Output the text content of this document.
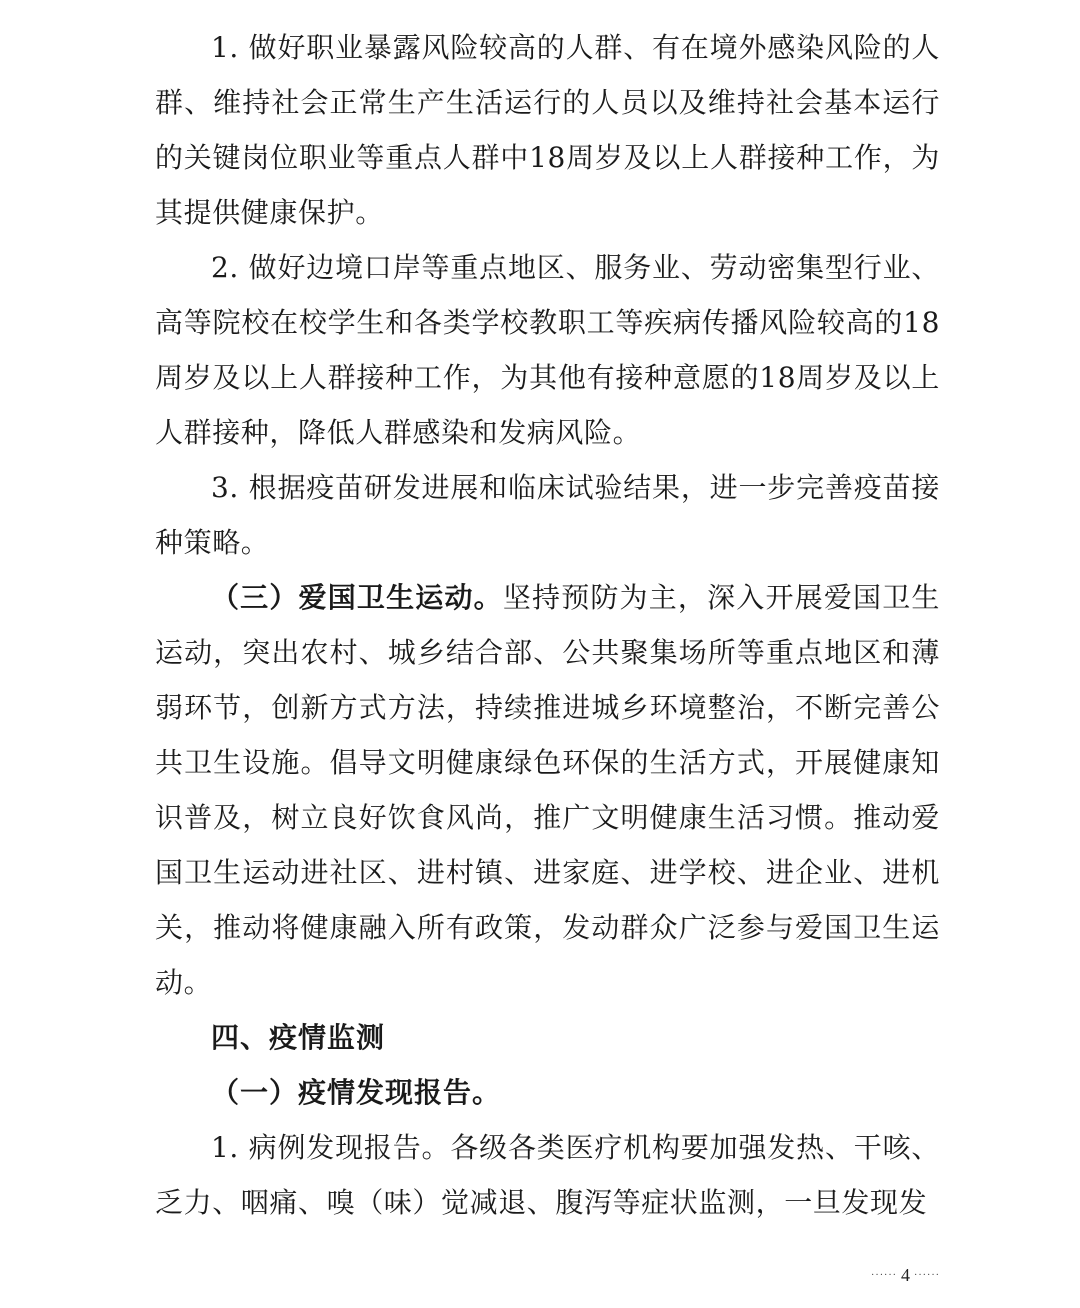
1. 做好职业暴露风险较高的人群、有在境外感染风险的人群、维持社会正常生产生活运行的人员以及维持社会基本运行的关键岗位职业等重点人群中18周岁及以上人群接种工作，为其提供健康保护。

2. 做好边境口岸等重点地区、服务业、劳动密集型行业、高等院校在校学生和各类学校教职工等疾病传播风险较高的18周岁及以上人群接种工作，为其他有接种意愿的18周岁及以上人群接种，降低人群感染和发病风险。

3. 根据疫苗研发进展和临床试验结果，进一步完善疫苗接种策略。

（三）爱国卫生运动。坚持预防为主，深入开展爱国卫生运动，突出农村、城乡结合部、公共聚集场所等重点地区和薄弱环节，创新方式方法，持续推进城乡环境整治，不断完善公共卫生设施。倡导文明健康绿色环保的生活方式，开展健康知识普及，树立良好饮食风尚，推广文明健康生活习惯。推动爱国卫生运动进社区、进村镇、进家庭、进学校、进企业、进机关，推动将健康融入所有政策，发动群众广泛参与爱国卫生运动。

四、疫情监测

（一）疫情发现报告。

1. 病例发现报告。各级各类医疗机构要加强发热、干咳、乏力、咽痛、嗅（味）觉减退、腹泻等症状监测，一旦发现发

······ 4 ······
